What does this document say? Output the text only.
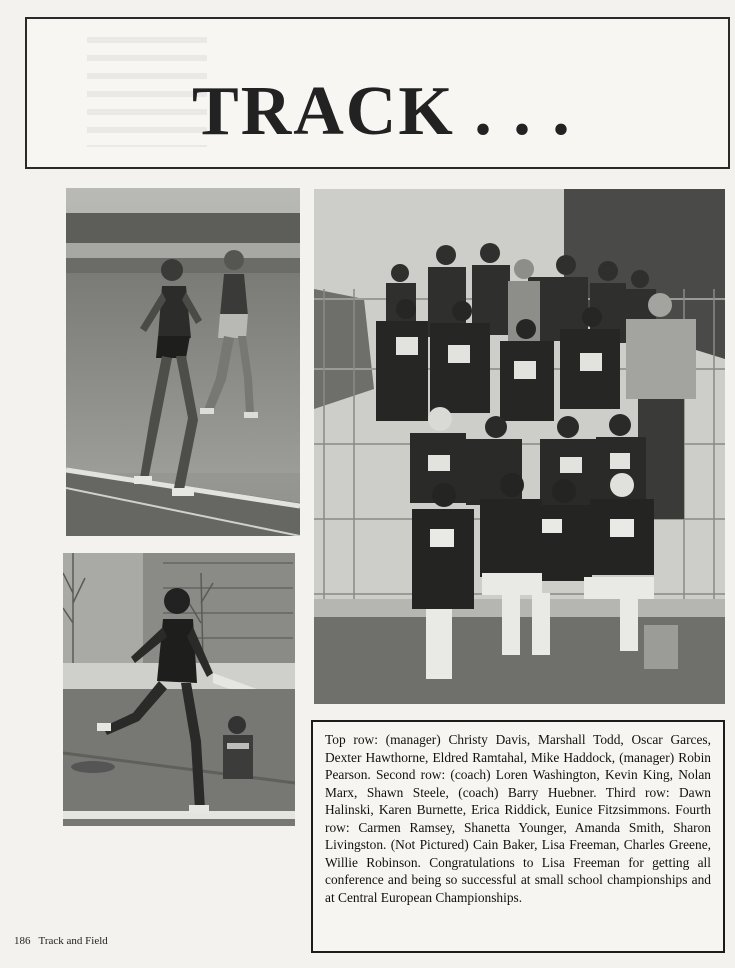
TRACK . . .

Top row: (manager) Christy Davis, Marshall Todd, Oscar Garces, Dexter Hawthorne, Eldred Ramtahal, Mike Haddock, (manager) Robin Pearson. Second row: (coach) Loren Washington, Kevin King, Nolan Marx, Shawn Steele, (coach) Barry Huebner. Third row: Dawn Halinski, Karen Burnette, Erica Riddick, Eunice Fitzsimmons. Fourth row: Carmen Ramsey, Shanetta Younger, Amanda Smith, Sharon Livingston. (Not Pictured) Cain Baker, Lisa Freeman, Charles Greene, Willie Robinson. Congratulations to Lisa Freeman for getting all conference and being so successful at small school championships and at Central European Championships.

186 Track and Field
